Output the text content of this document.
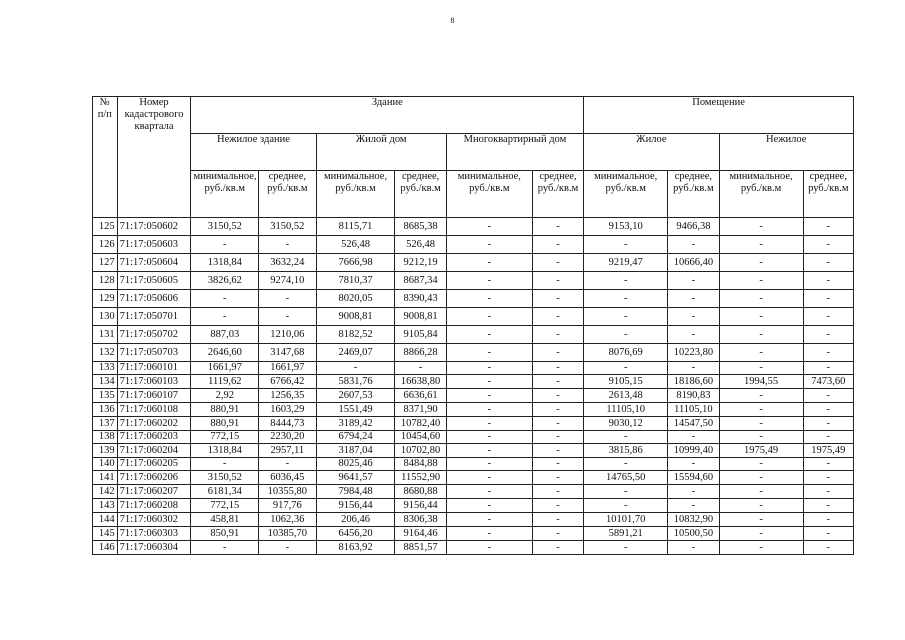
8
№ п/п	Номер кадастрового квартала	Здание						Помещение			
		Нежилое здание		Жилой дом		Многоквартирный дом		Жилое		Нежилое	
		минимальное, руб./кв.м	среднее, руб./кв.м	минимальное, руб./кв.м	среднее, руб./кв.м	минимальное, руб./кв.м	среднее, руб./кв.м	минимальное, руб./кв.м	среднее, руб./кв.м	минимальное, руб./кв.м	среднее, руб./кв.м
125	71:17:050602	3150,52	3150,52	8115,71	8685,38	-	-	9153,10	9466,38	-	-
126	71:17:050603	-	-	526,48	526,48	-	-	-	-	-	-
127	71:17:050604	1318,84	3632,24	7666,98	9212,19	-	-	9219,47	10666,40	-	-
128	71:17:050605	3826,62	9274,10	7810,37	8687,34	-	-	-	-	-	-
129	71:17:050606	-	-	8020,05	8390,43	-	-	-	-	-	-
130	71:17:050701	-	-	9008,81	9008,81	-	-	-	-	-	-
131	71:17:050702	887,03	1210,06	8182,52	9105,84	-	-	-	-	-	-
132	71:17:050703	2646,60	3147,68	2469,07	8866,28	-	-	8076,69	10223,80	-	-
133	71:17:060101	1661,97	1661,97	-	-	-	-	-	-	-	-
134	71:17:060103	1119,62	6766,42	5831,76	16638,80	-	-	9105,15	18186,60	1994,55	7473,60
135	71:17:060107	2,92	1256,35	2607,53	6636,61	-	-	2613,48	8190,83	-	-
136	71:17:060108	880,91	1603,29	1551,49	8371,90	-	-	11105,10	11105,10	-	-
137	71:17:060202	880,91	8444,73	3189,42	10782,40	-	-	9030,12	14547,50	-	-
138	71:17:060203	772,15	2230,20	6794,24	10454,60	-	-	-	-	-	-
139	71:17:060204	1318,84	2957,11	3187,04	10702,80	-	-	3815,86	10999,40	1975,49	1975,49
140	71:17:060205	-	-	8025,46	8484,88	-	-	-	-	-	-
141	71:17:060206	3150,52	6036,45	9641,57	11552,90	-	-	14765,50	15594,60	-	-
142	71:17:060207	6181,34	10355,80	7984,48	8680,88	-	-	-	-	-	-
143	71:17:060208	772,15	917,76	9156,44	9156,44	-	-	-	-	-	-
144	71:17:060302	458,81	1062,36	206,46	8306,38	-	-	10101,70	10832,90	-	-
145	71:17:060303	850,91	10385,70	6456,20	9164,46	-	-	5891,21	10500,50	-	-
146	71:17:060304	-	-	8163,92	8851,57	-	-	-	-	-	-
